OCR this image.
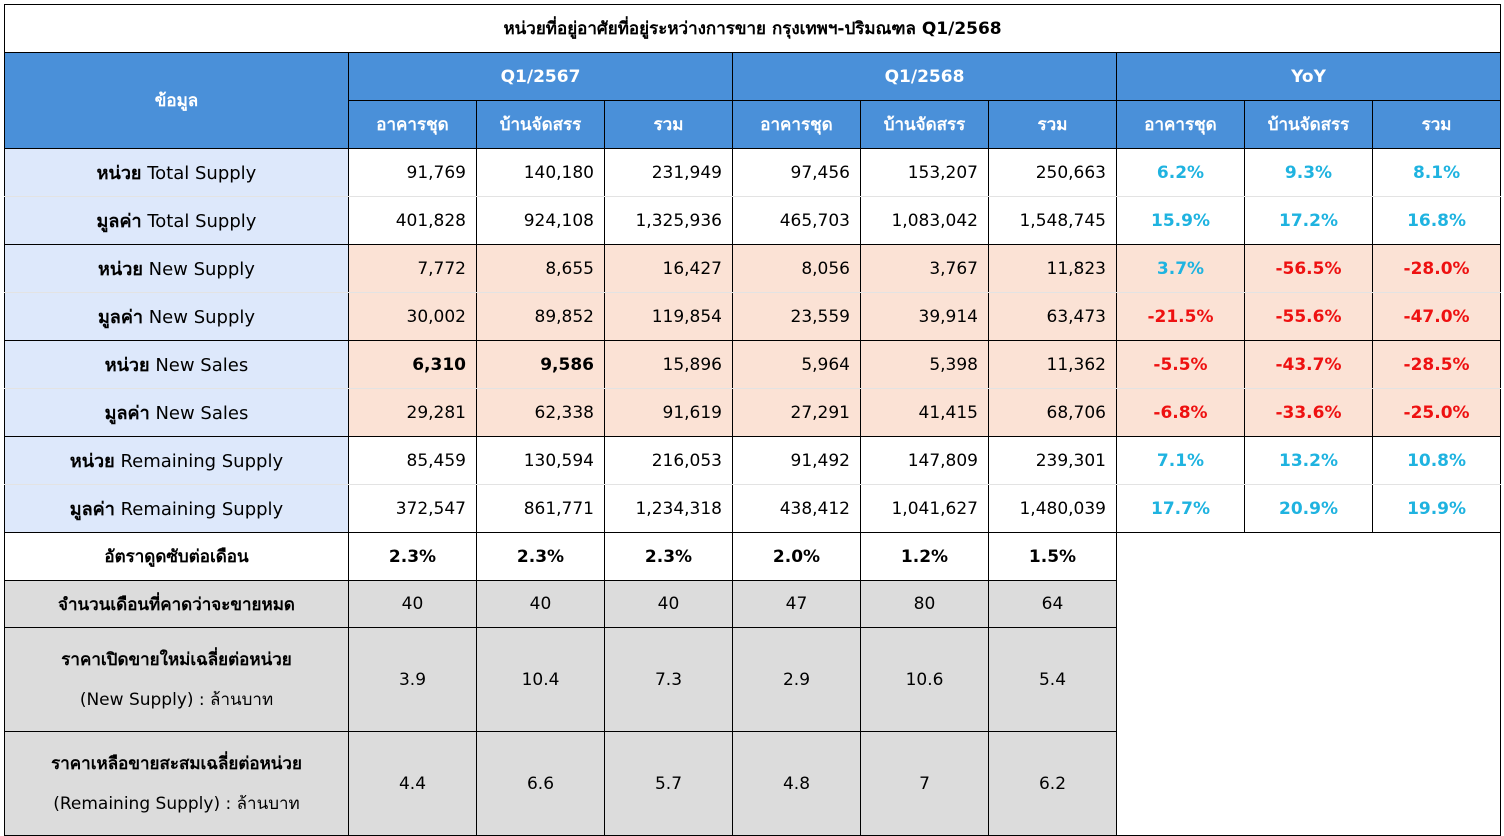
หน่วยที่อยู่อาศัยที่อยู่ระหว่างการขาย กรุงเทพฯ-ปริมณฑล Q1/2568									
ข้อมูล	Q1/2567			Q1/2568			YoY		
	อาคารชุด	บ้านจัดสรร	รวม	อาคารชุด	บ้านจัดสรร	รวม	อาคารชุด	บ้านจัดสรร	รวม
หน่วย Total Supply	91,769	140,180	231,949	97,456	153,207	250,663	6.2%	9.3%	8.1%
มูลค่า Total Supply	401,828	924,108	1,325,936	465,703	1,083,042	1,548,745	15.9%	17.2%	16.8%
หน่วย New Supply	7,772	8,655	16,427	8,056	3,767	11,823	3.7%	-56.5%	-28.0%
มูลค่า New Supply	30,002	89,852	119,854	23,559	39,914	63,473	-21.5%	-55.6%	-47.0%
หน่วย New Sales	6,310	9,586	15,896	5,964	5,398	11,362	-5.5%	-43.7%	-28.5%
มูลค่า New Sales	29,281	62,338	91,619	27,291	41,415	68,706	-6.8%	-33.6%	-25.0%
หน่วย Remaining Supply	85,459	130,594	216,053	91,492	147,809	239,301	7.1%	13.2%	10.8%
มูลค่า Remaining Supply	372,547	861,771	1,234,318	438,412	1,041,627	1,480,039	17.7%	20.9%	19.9%
อัตราดูดซับต่อเดือน	2.3%	2.3%	2.3%	2.0%	1.2%	1.5%			
จำนวนเดือนที่คาดว่าจะขายหมด	40	40	40	47	80	64			

ราคาเปิดขายใหม่เฉลี่ยต่อหน่วย
(New Supply) : ล้านบาท	3.9	10.4	7.3	2.9	10.6	5.4			

ราคาเหลือขายสะสมเฉลี่ยต่อหน่วย
(Remaining Supply) : ล้านบาท	4.4	6.6	5.7	4.8	7	6.2			
